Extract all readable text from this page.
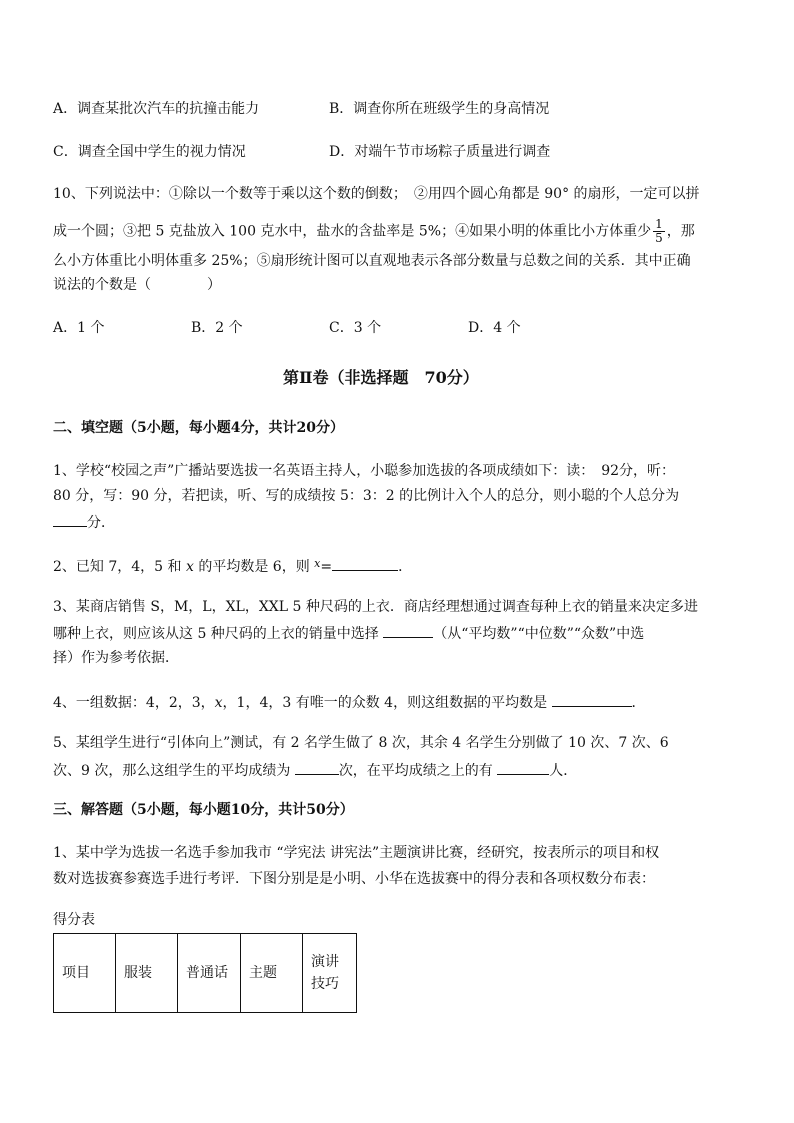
A．调查某批次汽车的抗撞击能力	B．调查你所在班级学生的身高情况
C．调查全国中学生的视力情况	D．对端午节市场粽子质量进行调查
10、下列说法中：①除以一个数等于乘以这个数的倒数；　②用四个圆心角都是 90° 的扇形，一定可以拼
成一个圆；③把 5 克盐放入 100 克水中，盐水的含盐率是 5%；④如果小明的体重比小方体重少 $\frac{1}{5}$ ，那
么小方体重比小明体重多 25%；⑤扇形统计图可以直观地表示各部分数量与总数之间的关系．其中正确
说法的个数是（　　　　）
A．1 个	B．2 个	C．3 个	D．4 个
第Ⅱ卷（非选择题　70分）
二、填空题（5小题，每小题4分，共计20分）
1、学校“校园之声”广播站要选拔一名英语主持人，小聪参加选拔的各项成绩如下：读：　92分，听：
80 分，写：90 分，若把读，听、写的成绩按 5：3：2 的比例计入个人的总分，则小聪的个人总分为
分．
2、已知 7，4，5 和 x 的平均数是 6，则 $^x$=	．
3、某商店销售 S，M，L，XL，XXL 5 种尺码的上衣．商店经理想通过调查每种上衣的销量来决定多进
哪种上衣，则应该从这 5 种尺码的上衣的销量中选择	（从“平均数”“中位数”“众数”中选
择）作为参考依据．
4、一组数据：4，2，3，x，1，4，3 有唯一的众数 4，则这组数据的平均数是	．
5、某组学生进行“引体向上”测试，有 2 名学生做了 8 次，其余 4 名学生分别做了 10 次、7 次、6
次、9 次，那么这组学生的平均成绩为	次，在平均成绩之上的有	人．
三、解答题（5小题，每小题10分，共计50分）
1、某中学为选拔一名选手参加我市 “学宪法 讲宪法”主题演讲比赛，经研究，按表所示的项目和权
数对选拔赛参赛选手进行考评．下图分别是是小明、小华在选拔赛中的得分表和各项权数分布表：
得分表
项目	服装	普通话	主题	演讲技巧
